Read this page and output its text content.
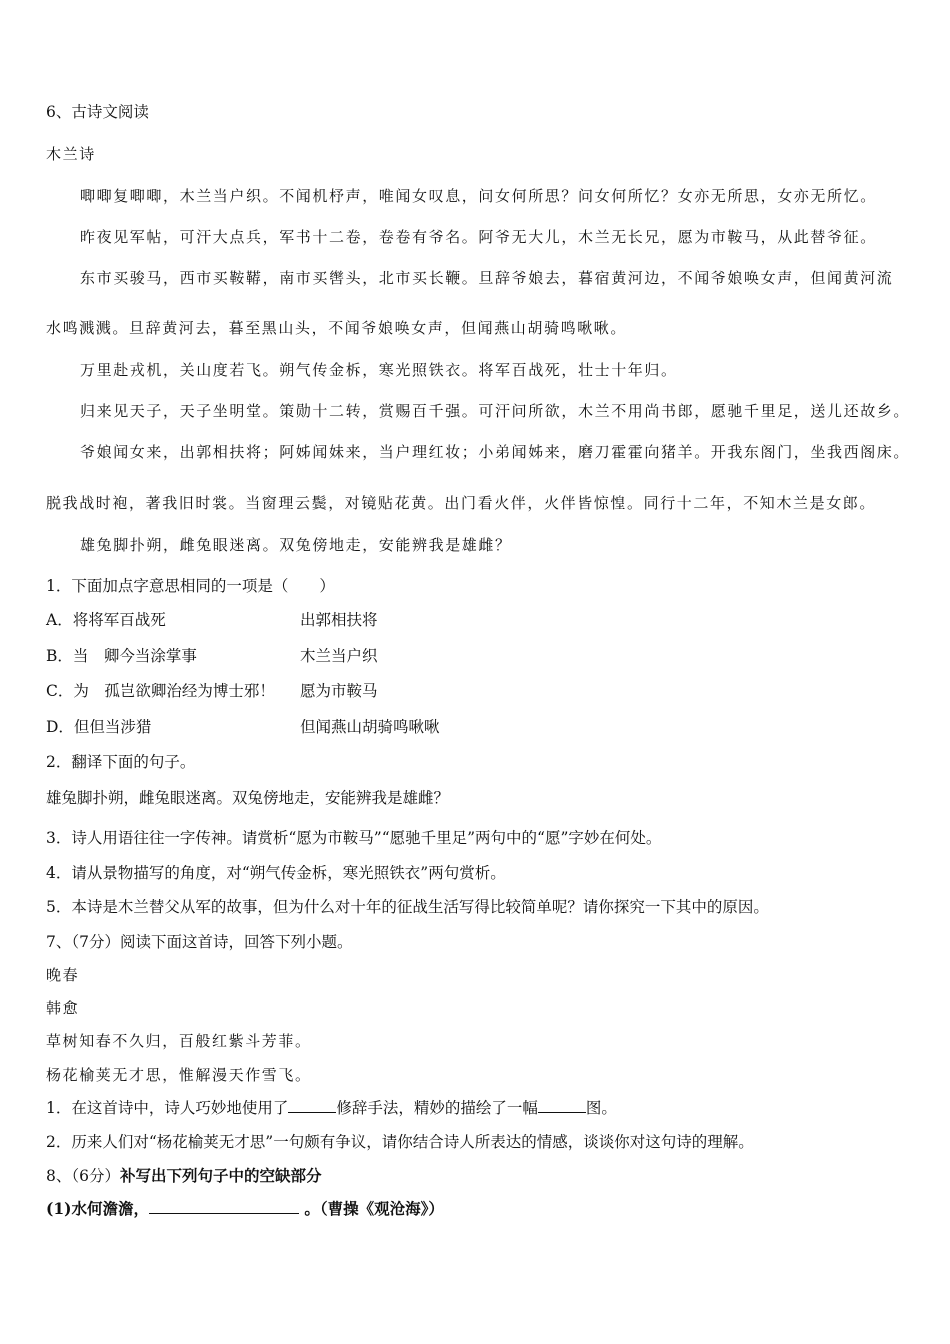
6、古诗文阅读
木兰诗
唧唧复唧唧，木兰当户织。不闻机杼声，唯闻女叹息，问女何所思？问女何所忆？女亦无所思，女亦无所忆。
昨夜见军帖，可汗大点兵，军书十二卷，卷卷有爷名。阿爷无大儿，木兰无长兄，愿为市鞍马，从此替爷征。
东市买骏马，西市买鞍鞯，南市买辔头，北市买长鞭。旦辞爷娘去，暮宿黄河边，不闻爷娘唤女声，但闻黄河流
水鸣溅溅。旦辞黄河去，暮至黑山头，不闻爷娘唤女声，但闻燕山胡骑鸣啾啾。
万里赴戎机，关山度若飞。朔气传金柝，寒光照铁衣。将军百战死，壮士十年归。
归来见天子，天子坐明堂。策勋十二转，赏赐百千强。可汗问所欲，木兰不用尚书郎，愿驰千里足，送儿还故乡。
爷娘闻女来，出郭相扶将；阿姊闻妹来，当户理红妆；小弟闻姊来，磨刀霍霍向猪羊。开我东阁门，坐我西阁床。
脱我战时袍，著我旧时裳。当窗理云鬓，对镜贴花黄。出门看火伴，火伴皆惊惶。同行十二年，不知木兰是女郎。
雄兔脚扑朔，雌兔眼迷离。双兔傍地走，安能辨我是雄雌？
1．下面加点字意思相同的一项是（　　）
A．将将军百战死	出郭相扶将
B．当　卿今当涂掌事	木兰当户织
C．为　孤岂欲卿治经为博士邪！ 愿为市鞍马
D．但但当涉猎	但闻燕山胡骑鸣啾啾
2．翻译下面的句子。
雄兔脚扑朔，雌兔眼迷离。双兔傍地走，安能辨我是雄雌？
3．诗人用语往往一字传神。请赏析“愿为市鞍马”“愿驰千里足”两句中的“愿”字妙在何处。
4．请从景物描写的角度，对“朔气传金柝，寒光照铁衣”两句赏析。
5．本诗是木兰替父从军的故事，但为什么对十年的征战生活写得比较简单呢？请你探究一下其中的原因。
7、（7分）阅读下面这首诗，回答下列小题。
晚春
韩愈
草树知春不久归，百般红紫斗芳菲。
杨花榆荚无才思，惟解漫天作雪飞。
1．在这首诗中，诗人巧妙地使用了	修辞手法，精妙的描绘了一幅	图。
2．历来人们对“杨花榆荚无才思”一句颇有争议，请你结合诗人所表达的情感，谈谈你对这句诗的理解。
8、（6分）补写出下列句子中的空缺部分
(1)水何澹澹，	。（曹操《观沧海》）
